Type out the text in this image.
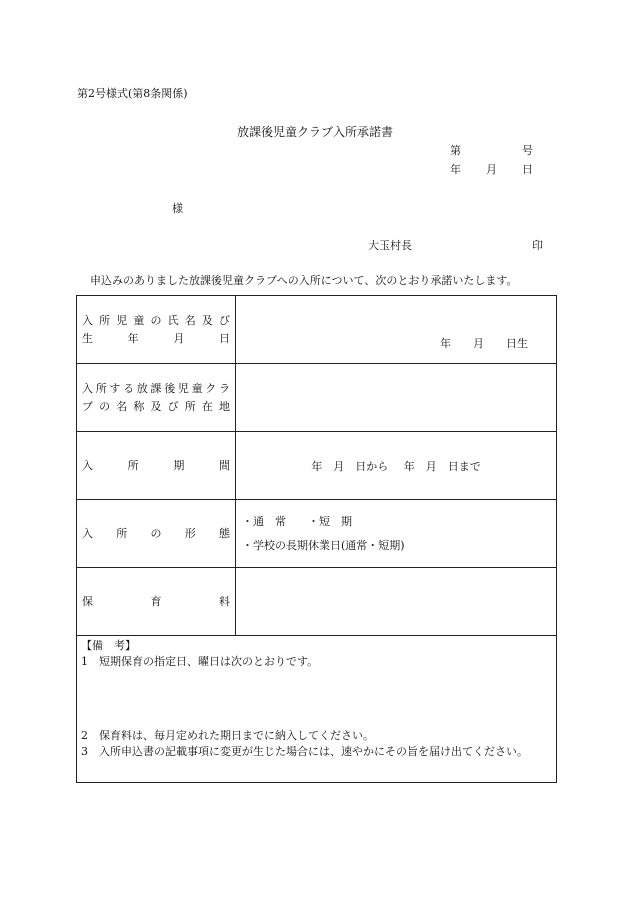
第2号様式(第8条関係)
放課後児童クラブ入所承諾書
第	号
年 月 日
様
大玉村長	印
申込みのありました放課後児童クラブへの入所について、次のとおり承諾いたします。
入所児童の氏名及び
生　年　月　日	年　　月　　日生

入所する放課後児童クラ
ブの名称及び所在地	

入　所　期　間	年　月　日から 年　月　日まで

入　所　の　形　態	・通　常　　・短　期
・学校の長期休業日(通常・短期)

保　育　料	

【備　考】
1　短期保育の指定日、曜日は次のとおりです。
2　保育料は、毎月定めれた期日までに納入してください。
3　入所申込書の記載事項に変更が生じた場合には、速やかにその旨を届け出てください。	
